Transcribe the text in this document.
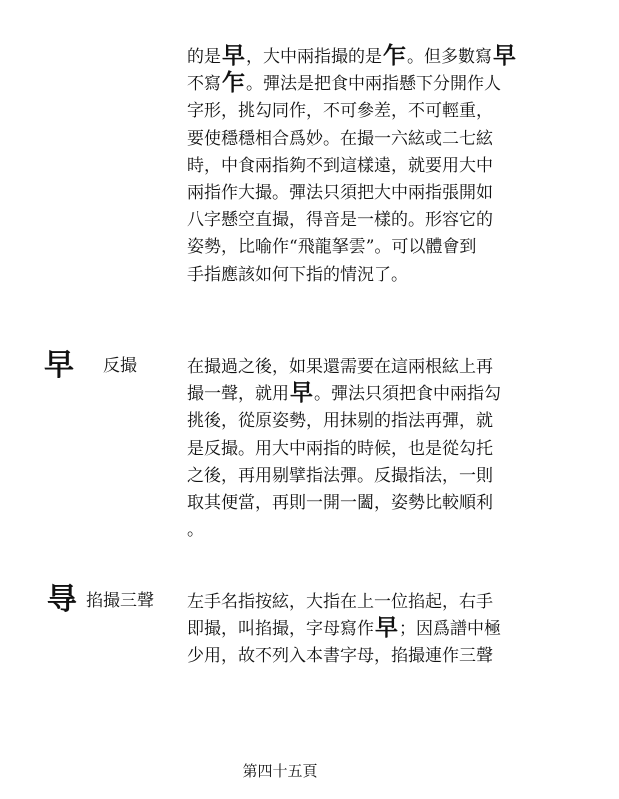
的是早，大中兩指撮的是乍。但多數寫早
不寫乍。彈法是把食中兩指懸下分開作人
字形，挑勾同作，不可參差，不可輕重，
要使穩穩相合爲妙。在撮一六絃或二七絃
時，中食兩指夠不到這樣遠，就要用大中
兩指作大撮。彈法只須把大中兩指張開如
八字懸空直撮，得音是一樣的。形容它的
姿勢，比喻作“飛龍拏雲”。可以體會到
手指應該如何下指的情況了。
早 反撮	在撮過之後，如果還需要在這兩根絃上再
撮一聲，就用早。彈法只須把食中兩指勾
挑後，從原姿勢，用抹剔的指法再彈，就
是反撮。用大中兩指的時候，也是從勾托
之後，再用剔擘指法彈。反撮指法，一則
取其便當，再則一開一闔，姿勢比較順利
。
㝵 掐撮三聲 左手名指按絃，大指在上一位掐起，右手
即撮，叫掐撮，字母寫作早；因爲譜中極
少用，故不列入本書字母，掐撮連作三聲
第四十五頁
